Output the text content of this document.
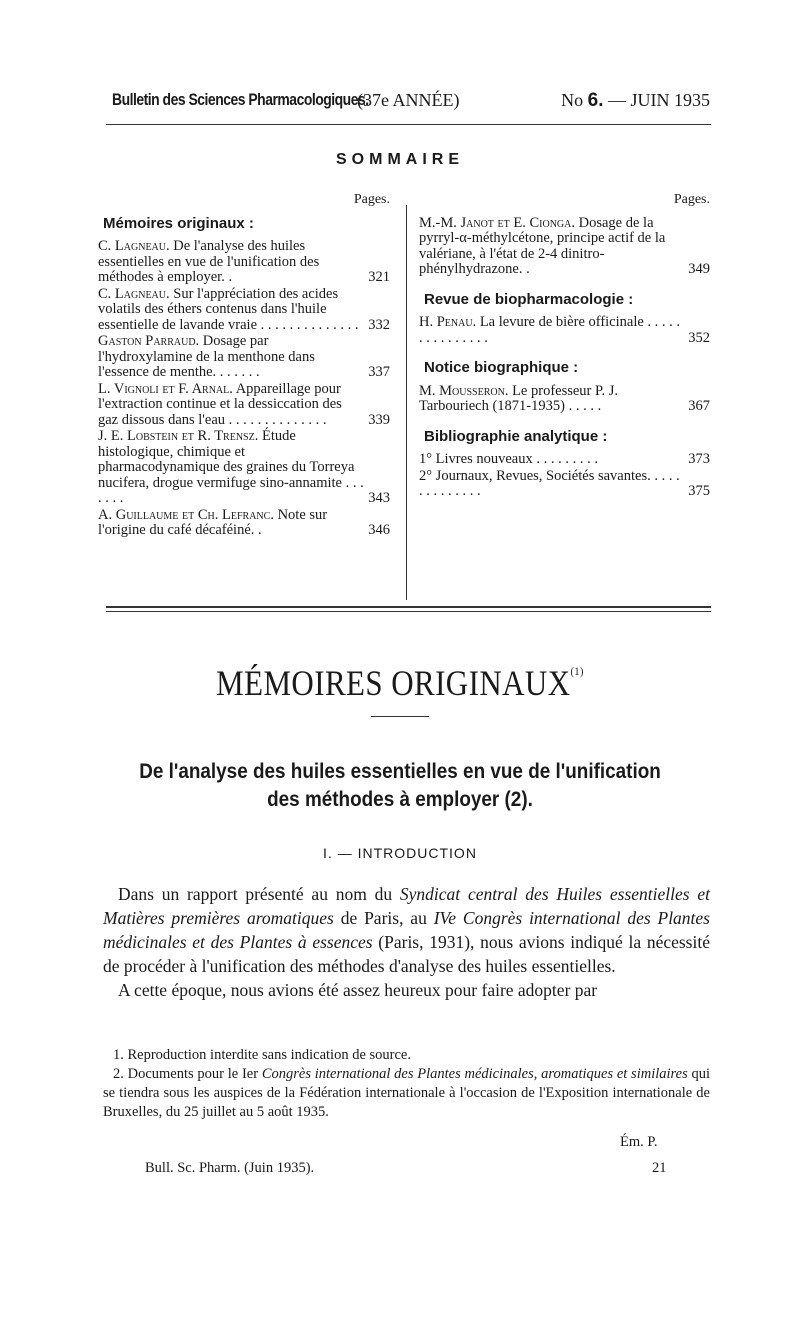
Bulletin des Sciences Pharmacologiques.
(37e ANNÉE)	No 6. — JUIN 1935
SOMMAIRE
Pages.
Mémoires originaux :
C. Lagneau. De l'analyse des huiles essentielles en vue de l'unification des méthodes à employer. .	321
C. Lagneau. Sur l'appréciation des acides volatils des éthers contenus dans l'huile essentielle de lavande vraie . . . . . . . . . . . . . . 332
Gaston Parraud. Dosage par l'hydroxylamine de la menthone dans l'essence de menthe. . . . . . .	337
L. Vignoli et F. Arnal. Appareillage pour l'extraction continue et la dessiccation des gaz dissous dans l'eau . . . . . . . . . . . . . .	339
J. E. Lobstein et R. Trensz. Étude histologique, chimique et pharmacodynamique des graines du Torreya nucifera, drogue vermifuge sino-annamite . . . . . . .	343
A. Guillaume et Ch. Lefranc. Note sur l'origine du café décaféiné. .	346
Pages.
M.-M. Janot et E. Cionga. Dosage de la pyrryl-α-méthylcétone, principe actif de la valériane, à l'état de 2-4 dinitro-phénylhydrazone. .	349
Revue de biopharmacologie :
H. Penau. La levure de bière officinale . . . . . . . . . . . . . . .	352
Notice biographique :
M. Mousseron. Le professeur P. J. Tarbouriech (1871-1935) . . . . .	367
Bibliographie analytique :
1° Livres nouveaux . . . . . . . . .	373
2° Journaux, Revues, Sociétés savantes. . . . . . . . . . . . . .	375
MÉMOIRES ORIGINAUX$^{(1)}$
De l'analyse des huiles essentielles en vue de l'unification des méthodes à employer (2).
I. — INTRODUCTION

Dans un rapport présenté au nom du Syndicat central des Huiles essentielles et Matières premières aromatiques de Paris, au IVe Congrès international des Plantes médicinales et des Plantes à essences (Paris, 1931), nous avions indiqué la nécessité de procéder à l'unification des méthodes d'analyse des huiles essentielles.

A cette époque, nous avions été assez heureux pour faire adopter par

1. Reproduction interdite sans indication de source.

2. Documents pour le Ier Congrès international des Plantes médicinales, aromatiques et similaires qui se tiendra sous les auspices de la Fédération internationale à l'occasion de l'Exposition internationale de Bruxelles, du 25 juillet au 5 août 1935.

Ém. P.
Bull. Sc. Pharm. (Juin 1935).	21
